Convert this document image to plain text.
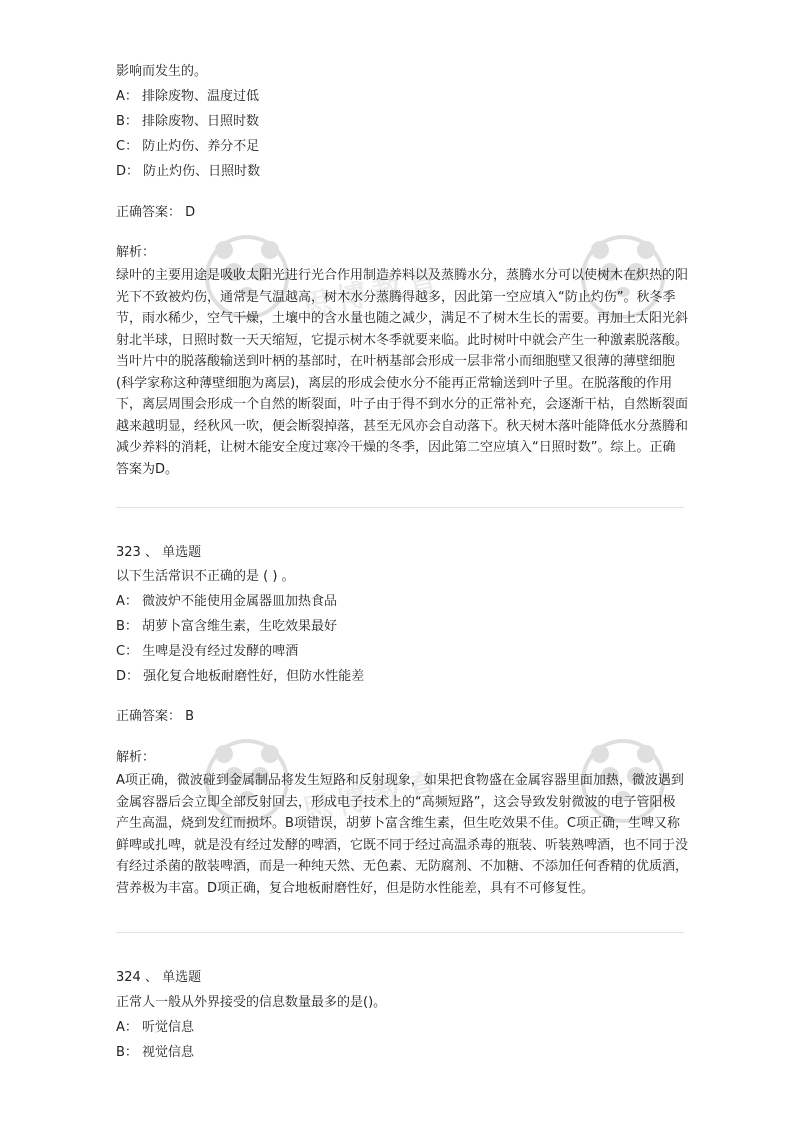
思博教育
思博教育
影响而发生的。
A： 排除废物、温度过低
B： 排除废物、日照时数
C： 防止灼伤、养分不足
D： 防止灼伤、日照时数
正确答案： D
解析：
绿叶的主要用途是吸收太阳光进行光合作用制造养料以及蒸腾水分，蒸腾水分可以使树木在炽热的阳光下不致被灼伤，通常是气温越高，树木水分蒸腾得越多，因此第一空应填入“防止灼伤”。秋冬季节，雨水稀少，空气干燥，土壤中的含水量也随之减少，满足不了树木生长的需要。再加上太阳光斜射北半球，日照时数一天天缩短，它提示树木冬季就要来临。此时树叶中就会产生一种激素脱落酸。当叶片中的脱落酸输送到叶柄的基部时，在叶柄基部会形成一层非常小而细胞壁又很薄的薄壁细胞(科学家称这种薄壁细胞为离层)，离层的形成会使水分不能再正常输送到叶子里。在脱落酸的作用下，离层周围会形成一个自然的断裂面，叶子由于得不到水分的正常补充，会逐渐干枯，自然断裂面越来越明显，经秋风一吹，便会断裂掉落，甚至无风亦会自动落下。秋天树木落叶能降低水分蒸腾和减少养料的消耗，让树木能安全度过寒冷干燥的冬季，因此第二空应填入“日照时数”。综上。正确答案为D。
323 、 单选题
以下生活常识不正确的是 ( ) 。
A： 微波炉不能使用金属器皿加热食品
B： 胡萝卜富含维生素，生吃效果最好
C： 生啤是没有经过发酵的啤酒
D： 强化复合地板耐磨性好，但防水性能差
正确答案： B
解析：
A项正确，微波碰到金属制品将发生短路和反射现象，如果把食物盛在金属容器里面加热，微波遇到金属容器后会立即全部反射回去，形成电子技术上的“高频短路”，这会导致发射微波的电子管阳极产生高温，烧到发红而损坏。B项错误，胡萝卜富含维生素，但生吃效果不佳。C项正确，生啤又称鲜啤或扎啤，就是没有经过发酵的啤酒，它既不同于经过高温杀毒的瓶装、听装熟啤酒，也不同于没有经过杀菌的散装啤酒，而是一种纯天然、无色素、无防腐剂、不加糖、不添加任何香精的优质酒，营养极为丰富。D项正确，复合地板耐磨性好，但是防水性能差，具有不可修复性。
324 、 单选题
正常人一般从外界接受的信息数量最多的是()。
A： 听觉信息
B： 视觉信息
